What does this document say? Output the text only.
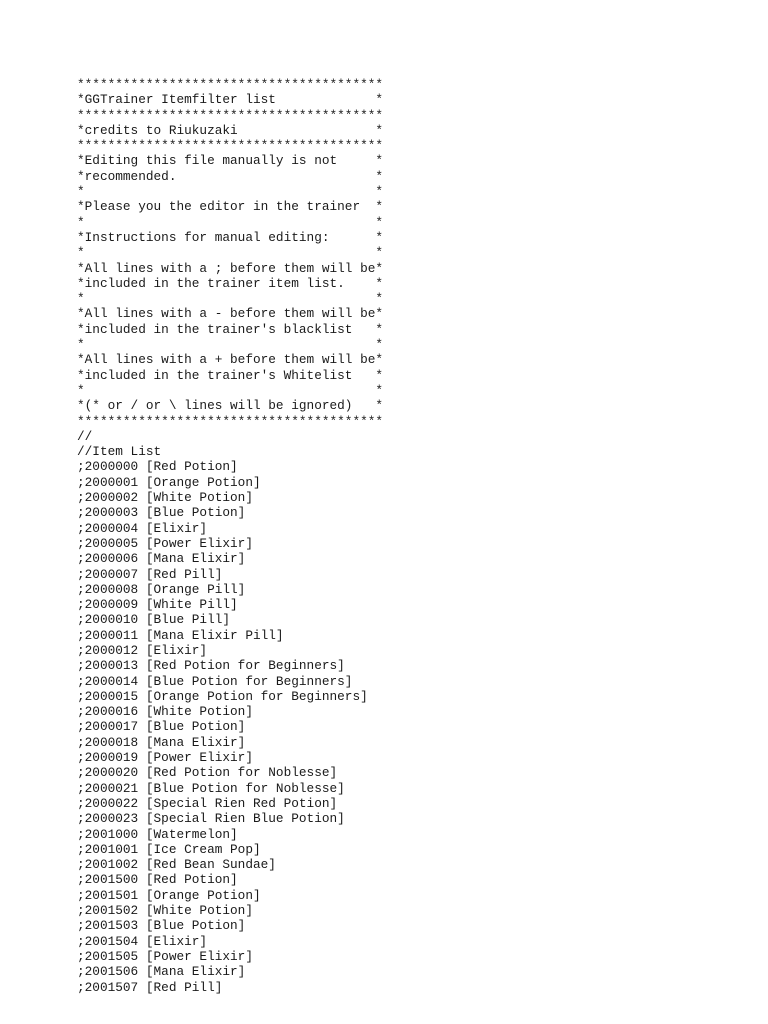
****************************************
*GGTrainer Itemfilter list             *
****************************************
*credits to Riukuzaki                  *
****************************************
*Editing this file manually is not     *
*recommended.                          *
*                                      *
*Please you the editor in the trainer  *
*                                      *
*Instructions for manual editing:      *
*                                      *
*All lines with a ; before them will be*
*included in the trainer item list.    *
*                                      *
*All lines with a - before them will be*
*included in the trainer's blacklist   *
*                                      *
*All lines with a + before them will be*
*included in the trainer's Whitelist   *
*                                      *
*(* or / or \ lines will be ignored)   *
****************************************
//
//Item List
;2000000 [Red Potion]
;2000001 [Orange Potion]
;2000002 [White Potion]
;2000003 [Blue Potion]
;2000004 [Elixir]
;2000005 [Power Elixir]
;2000006 [Mana Elixir]
;2000007 [Red Pill]
;2000008 [Orange Pill]
;2000009 [White Pill]
;2000010 [Blue Pill]
;2000011 [Mana Elixir Pill]
;2000012 [Elixir]
;2000013 [Red Potion for Beginners]
;2000014 [Blue Potion for Beginners]
;2000015 [Orange Potion for Beginners]
;2000016 [White Potion]
;2000017 [Blue Potion]
;2000018 [Mana Elixir]
;2000019 [Power Elixir]
;2000020 [Red Potion for Noblesse]
;2000021 [Blue Potion for Noblesse]
;2000022 [Special Rien Red Potion]
;2000023 [Special Rien Blue Potion]
;2001000 [Watermelon]
;2001001 [Ice Cream Pop]
;2001002 [Red Bean Sundae]
;2001500 [Red Potion]
;2001501 [Orange Potion]
;2001502 [White Potion]
;2001503 [Blue Potion]
;2001504 [Elixir]
;2001505 [Power Elixir]
;2001506 [Mana Elixir]
;2001507 [Red Pill]
